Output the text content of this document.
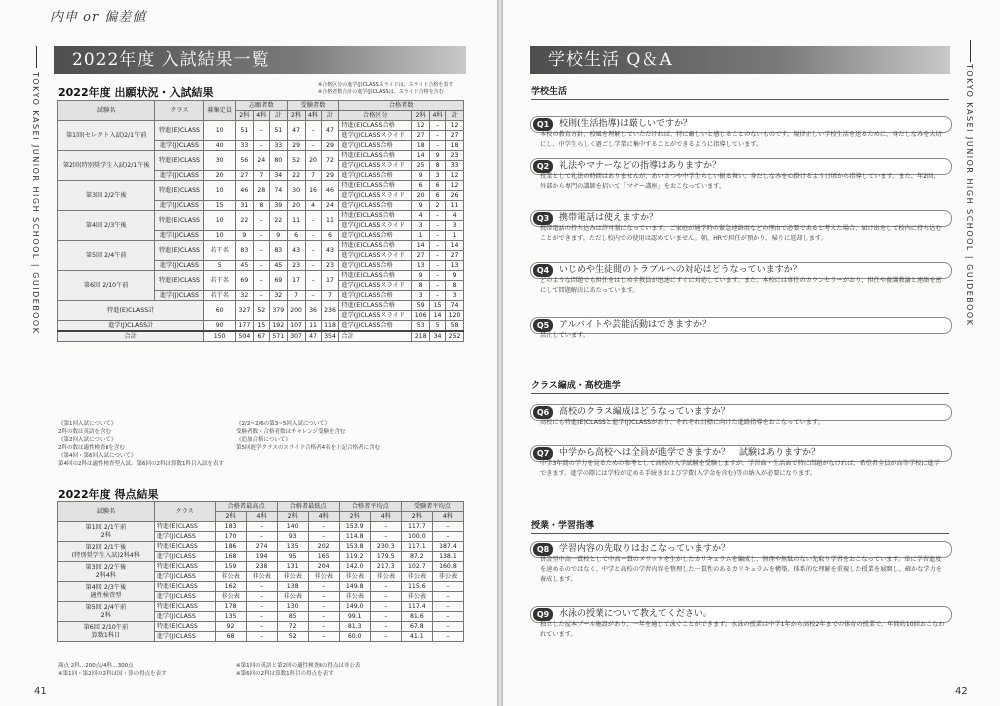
内申 or 偏差値
TOKYO KASEI JUNIOR HIGH SCHOOL | GUIDEBOOK
2022年度 入試結果一覧
2022年度 出願状況・入試結果
※合格区分の進学(J)CLASSスライドは、スライド合格を表す
※合格者数合計の進学(J)CLASSは、スライド合格を含む
試験名	クラス	募集定員	志願者数			受験者数			合格者数			
			2科	4科	計	2科	4科	計	合格区分	2科	4科	計
第1回(セレクト入試)2/1午前	特進(E)CLASS	10	51	–	51	47	–	47	特進(E)CLASS合格	12	–	12
									進学(J)CLASSスライド	27	–	27
	進学(J)CLASS	40	33	–	33	29	–	29	進学(J)CLASS合格	18	–	18
第2回(特別奨学生入試)2/1午後	特進(E)CLASS	30	56	24	80	52	20	72	特進(E)CLASS合格	14	9	23
									進学(J)CLASSスライド	25	8	33
	進学(J)CLASS	20	27	7	34	22	7	29	進学(J)CLASS合格	9	3	12
第3回 2/2午後	特進(E)CLASS	10	46	28	74	30	16	46	特進(E)CLASS合格	6	6	12
									進学(J)CLASSスライド	20	6	26
	進学(J)CLASS	15	31	8	39	20	4	24	進学(J)CLASS合格	9	2	11
第4回 2/3午後	特進(E)CLASS	10	22	–	22	11	–	11	特進(E)CLASS合格	4	–	4
									進学(J)CLASSスライド	3	–	3
	進学(J)CLASS	10	9	–	9	6	–	6	進学(J)CLASS合格	1	–	1
第5回 2/4午前	特進(E)CLASS	若干名	83	–	83	43	–	43	特進(E)CLASS合格	14	–	14
									進学(J)CLASSスライド	27	–	27
	進学(J)CLASS	5	45	–	45	23	–	23	進学(J)CLASS合格	13	–	13
第6回 2/10午前	特進(E)CLASS	若干名	69	–	69	17	–	17	特進(E)CLASS合格	9	–	9
									進学(J)CLASSスライド	8	–	8
	進学(J)CLASS	若干名	32	–	32	7	–	7	進学(J)CLASS合格	3	–	3
特進(E)CLASS計		60	327	52	379	200	36	236	特進(E)CLASS合格	59	15	74
									進学(J)CLASSスライド	106	14	120
進学(J)CLASS計		90	177	15	192	107	11	118	進学(J)CLASS合格	53	5	58
合計		150	504	67	571	307	47	354	合計	218	34	252
《第1回入試について》
2科の数は英語を含む
《第2回入試について》
2科の数は適性検査Ⅱを含む
《第4回・第6回入試について》
第4回の2科は適性検査型入試、第6回の2科は算数1科目入試を表す
《2/2~2/6の第3~5回入試について》
受験者数・合格者数はチャレンジ受験を含む
《追加合格について》
第5回進学クラスのスライド合格者4名を上記合格者に含む
2022年度 得点結果
試験名	クラス	合格者最高点		合格者最低点		合格者平均点		受験者平均点	
		2科	4科	2科	4科	2科	4科	2科	4科

第1回 2/1午前
2科	特進(E)CLASS	183	–	140	–	153.9	–	117.7	–
	進学(J)CLASS	170	–	93	–	114.8	–	100.0	–

第2回 2/1午後
(特別奨学生入試)2科4科	特進(E)CLASS	186	274	135	202	153.8	230.3	117.1	187.4
	進学(J)CLASS	168	194	95	165	119.2	179.5	87.2	138.1

第3回 2/2午後
2科4科	特進(E)CLASS	159	238	131	204	142.0	217.3	102.7	160.8
	進学(J)CLASS	非公表	非公表	非公表	非公表	非公表	非公表	非公表	非公表

第4回 2/3午後
適性検査型	特進(E)CLASS	162	–	138	–	149.8	–	115.6	–
	進学(J)CLASS	非公表	–	非公表	–	非公表	–	非公表	–

第5回 2/4午前
2科	特進(E)CLASS	178	–	130	–	149.0	–	117.4	–
	進学(J)CLASS	135	–	85	–	99.1	–	81.6	–

第6回 2/10午前
算数1科目	特進(E)CLASS	92	–	72	–	81.3	–	67.8	–
	進学(J)CLASS	68	–	52	–	60.0	–	41.1	–
満点 2科…200点/4科…300点
※第1回・第2回の2科は国・算の得点を表す
※第1回の英語と第2回の適性検査Ⅱの得点は非公表
※第6回の2科は算数1科目の得点を表す
41
学校生活 Q＆A
TOKYO KASEI JUNIOR HIGH SCHOOL | GUIDEBOOK
42
学校生活
Q1	校則(生活指導)は厳しいですか？
本校の教育方針、校風を理解していただければ、特に厳しいと感じることのないものです。規律正しい学校生活を送るために、身だしなみを大切にし、中学生らしく過ごし学業に集中することができるように指導しています。
Q2	礼法やマナーなどの指導はありますか？
授業として礼法の時間はありませんが、あいさつや中学生らしい振る舞い、身だしなみを心掛けるよう日頃から指導しています。また、年2回、外部から専門の講師を招いて「マナー講座」をおこなっています。
Q3	携帯電話は使えますか？
携帯電話の持ち込みは許可制になっています。ご家庭が通学時の緊急連絡用などの理由で必要であると考えた場合、届け出をして校内に持ち込むことができます。ただし校内での使用は認めていません。朝、HRで担任が預かり、帰りに返却します。
Q4	いじめや生徒間のトラブルへの対応はどうなっていますか？
どのような問題でも担任をはじめ全教員が迅速にすぐに対応しています。また、本校には専任のカウンセラーがおり、担任や養護教諭と連絡を密にして問題解決にあたっています。
Q5	アルバイトや芸能活動はできますか？
禁止しています。
クラス編成・高校進学
Q6	高校のクラス編成はどうなっていますか？
高校にも特進(E)CLASSと進学(J)CLASSがあり、それぞれ目標に向けた進路指導をおこなっています。
Q7	中学から高校へは全員が進学できますか？　試験はありますか？
中学3年間の学力を見るための参考として高校の入学試験を受験しますが、学習面・生活面で特に問題がなければ、希望者全員が高等学校に進学できます。進学の際には学校が定める手続きおよび学費(入学金を含む)等の納入が必要になります。
授業・学習指導
Q8	学習内容の先取りはおこなっていますか？
併設型中高一貫校として中高一貫のメリットを生かしたカリキュラムを編成し、無理や無駄のない先取り学習をおこなっています。単に学習進度を速めるのではなく、中学と高校の学習内容を整理した一貫性のあるカリキュラムを構築。体系的な理解を重視した授業を展開し、確かな学力を養成します。
Q9	水泳の授業について教えてください。
独立した屋本プール施設があり、一年を通じて泳ぐことができます。水泳の授業は中学1年から高校2年までの体育の授業で、年間約10回おこなわれています。
